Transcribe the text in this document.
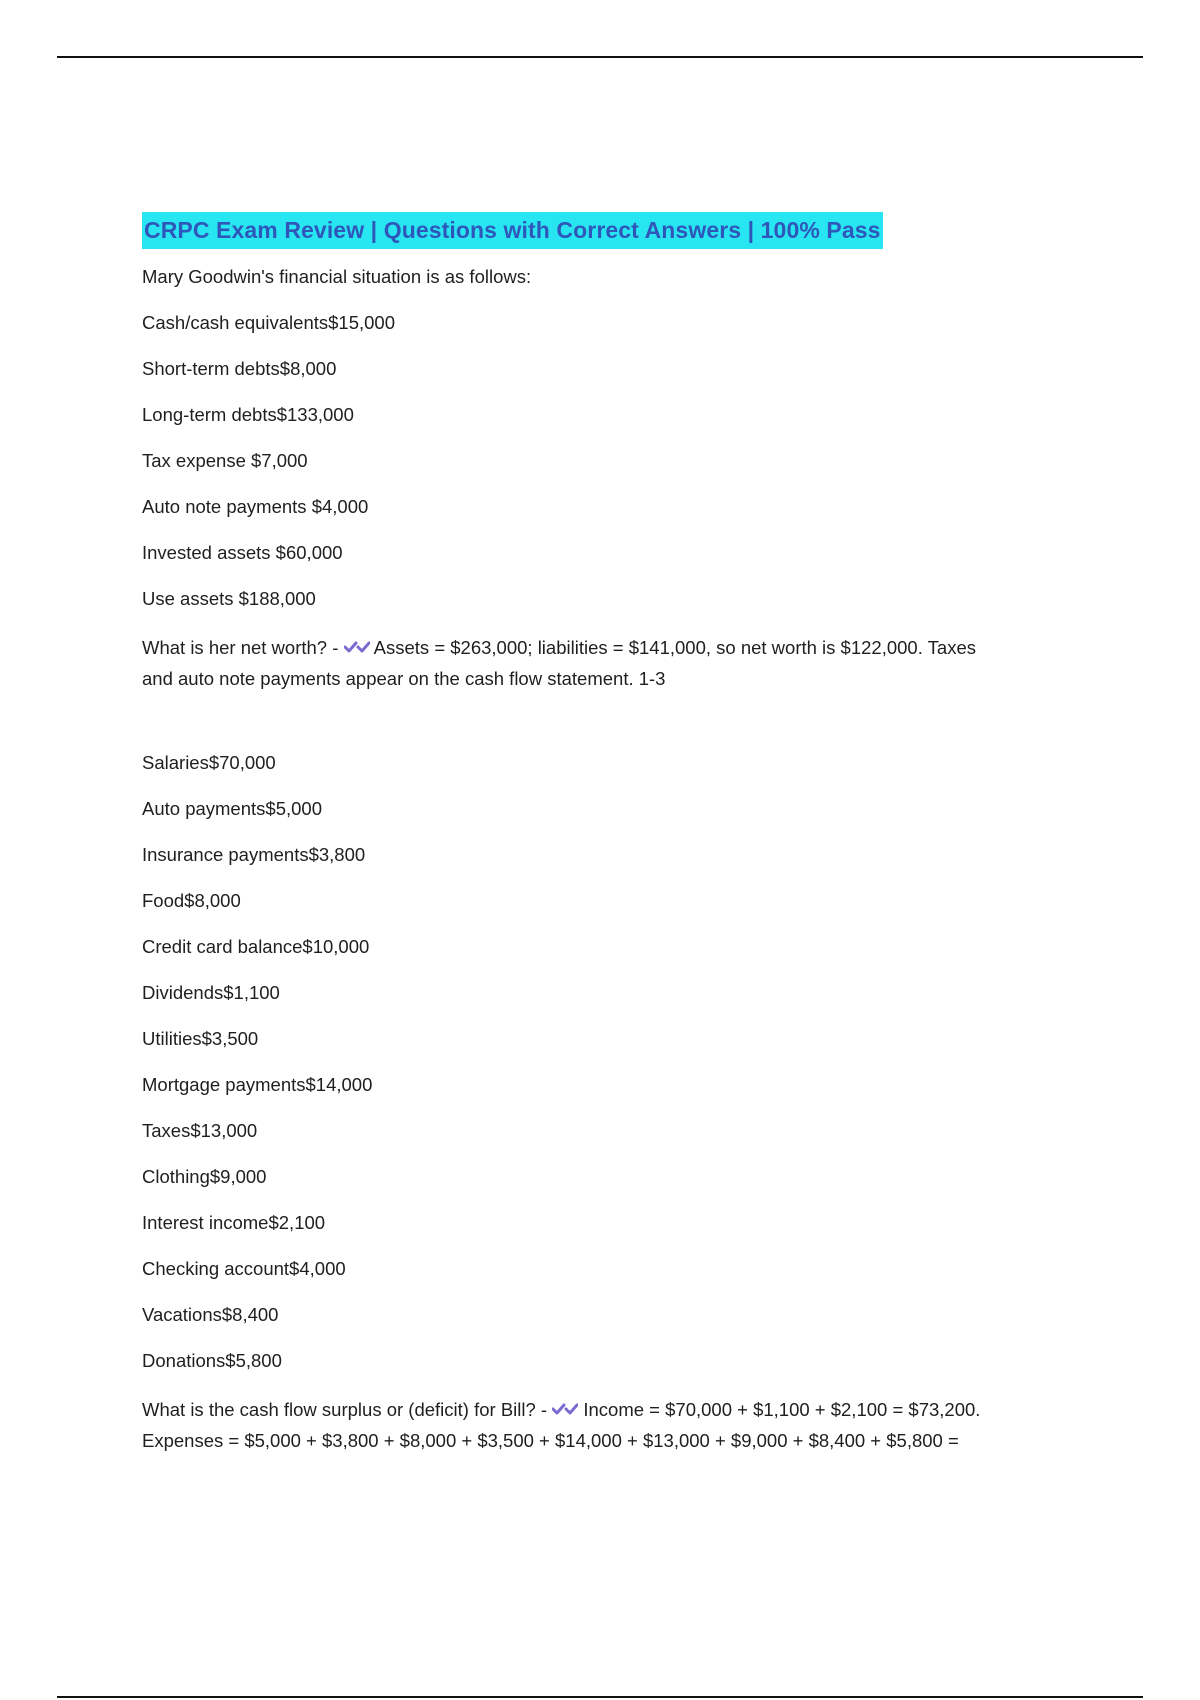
CRPC Exam Review | Questions with Correct Answers | 100% Pass
Mary Goodwin's financial situation is as follows:
Cash/cash equivalents$15,000
Short-term debts$8,000
Long-term debts$133,000
Tax expense $7,000
Auto note payments $4,000
Invested assets $60,000
Use assets $188,000
What is her net worth? -
Assets = $263,000; liabilities = $141,000, so net worth is $122,000. Taxes
and auto note payments appear on the cash flow statement. 1-3
Salaries$70,000
Auto payments$5,000
Insurance payments$3,800
Food$8,000
Credit card balance$10,000
Dividends$1,100
Utilities$3,500
Mortgage payments$14,000
Taxes$13,000
Clothing$9,000
Interest income$2,100
Checking account$4,000
Vacations$8,400
Donations$5,800
What is the cash flow surplus or (deficit) for Bill? -
Income = $70,000 + $1,100 + $2,100 = $73,200.
Expenses = $5,000 + $3,800 + $8,000 + $3,500 + $14,000 + $13,000 + $9,000 + $8,400 + $5,800 =
